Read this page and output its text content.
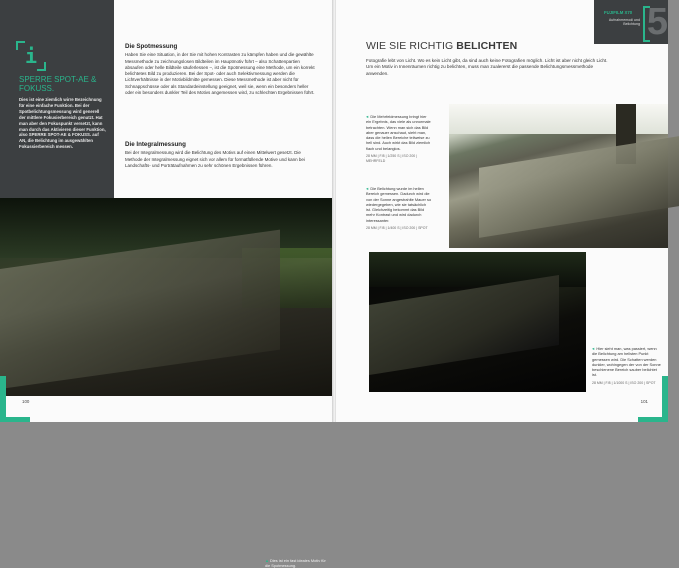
i
SPERRE SPOT-AE & FOKUSS.
Dies ist eine ziemlich wirre Bezeichnung für eine einfache Funktion. Bei der Spotbelichtungsmessung wird generell der mittlere Fokusierbereich genutzt. Hat man aber den Fokuspunkt versetzt, kann man durch das Aktivieren dieser Funktion, also SPERRE SPOT-AE & FOKUSS. auf AN, die Belichtung im ausgewählten Fokussierbereich messen.
Die Spotmessung

Haben Sie eine Situation, in der Sie mit hohen Kontrasten zu kämpfen haben und die gewählte Messmethode zu zeichnungslosen Bildteilen im Hauptmotiv führt – also Schattenpartien absaufen oder helle Bildteile säuferlessen –, ist die Spotmessung eine Methode, um ein korrekt belichtetes Bild zu produzieren. Bei der Spot- oder auch Selektivmessung werden die Lichtverhältnisse in der Motivbildmitte gemessen. Diese Messmethode ist aber nicht für Schnappschüsse oder als Standardeinstellung geeignet, weil sie, wenn ein besonders heller oder ein besonders dunkler Teil des Motivs angemessen wird, zu schlechten Ergebnissen führt.

Die Integralmessung

Bei der Integralmessung wird die Belichtung des Motivs auf einen Mittelwert gesetzt. Die Methode der Integralmessung eignet sich vor allem für formatfüllende Motive und kann bei Landschafts- und Porträtaufnahmen zu sehr schönen Ergebnissen führen.

▲ Dies ist ein fast ideales Motiv für die Spotmessung.
100
FUJIFILM X70
Aufnahmemodi und Belichtung 5
WIE SIE RICHTIG BELICHTEN

Fotografie lebt von Licht. Wo es kein Licht gibt, da sind auch keine Fotografien möglich. Licht ist aber nicht gleich Licht. Um ein Motiv in Innenräumen richtig zu belichten, muss man zualererst die passende Belichtungsmessmethode anwenden.

◂ Die Mehrfeldmessung bringt hier ein Ergebnis, das viele als unnormale betrachten. Wenn man sich das Bild aber genauer anschaut, sieht man, dass die hellen Bereiche teilweise zu hell sind. Auch wirkt das Bild ziemlich flach und belanglos.
28 MM | F/8 | 1/250 S | ISO 200 | MEHRFELD
◂ Die Belichtung wurde im hellen Bereich gemessen. Dadurch wird die von der Sonne angestrahlte Mauer so wiedergegeben, wie sie tatsächlich ist. Gleichzeitig bekommt das Bild mehr Kontrast und wird dadurch interessanter.
28 MM | F/8 | 1/400 S | ISO 200 | SPOT
◂ Hier sieht man, was passiert, wenn die Belichtung am hellsten Punkt gemessen wird. Die Schatten werden dunkler, wohingegen der von der Sonne beschienene Bereich sauber belichtet ist.
28 MM | F/8 | 1/1000 S | ISO 200 | SPOT
101
